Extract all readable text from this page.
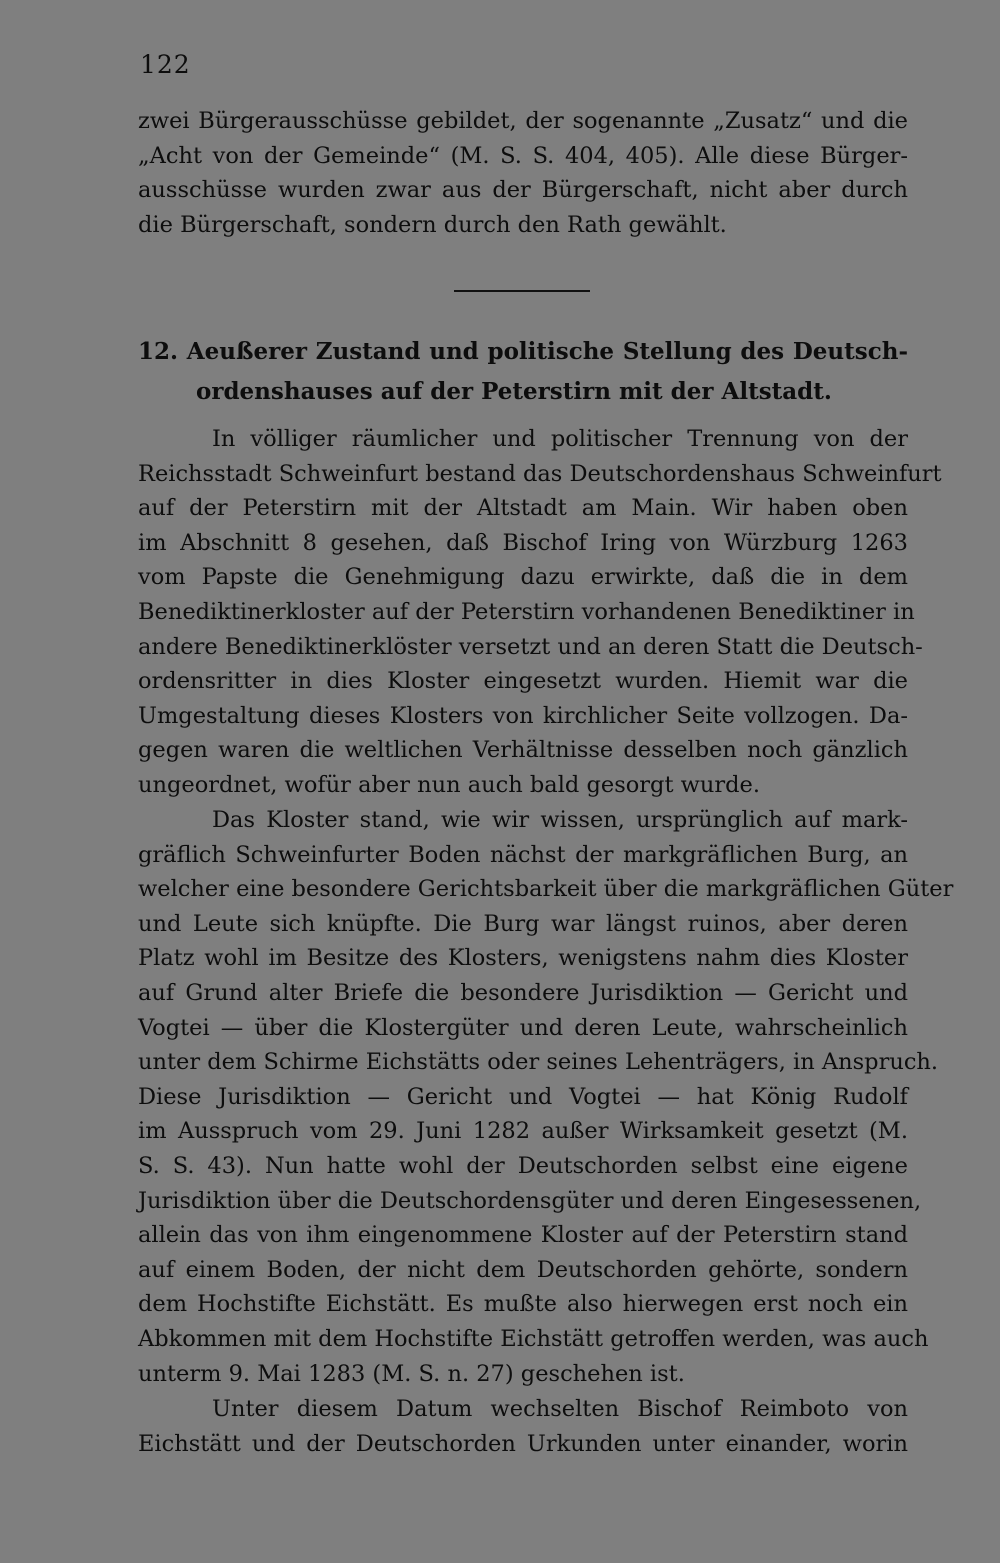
122
zwei Bürgerausschüsse gebildet, der sogenannte „Zusatz“ und die
„Acht von der Gemeinde“ (M. S. S. 404, 405). Alle diese Bürger-
ausschüsse wurden zwar aus der Bürgerschaft, nicht aber durch
die Bürgerschaft, sondern durch den Rath gewählt.
12. Aeußerer Zustand und politische Stellung des Deutsch-
ordenshauses auf der Peterstirn mit der Altstadt.
In völliger räumlicher und politischer Trennung von der
Reichsstadt Schweinfurt bestand das Deutschordenshaus Schweinfurt
auf der Peterstirn mit der Altstadt am Main. Wir haben oben
im Abschnitt 8 gesehen, daß Bischof Iring von Würzburg 1263
vom Papste die Genehmigung dazu erwirkte, daß die in dem
Benediktinerkloster auf der Peterstirn vorhandenen Benediktiner in
andere Benediktinerklöster versetzt und an deren Statt die Deutsch-
ordensritter in dies Kloster eingesetzt wurden. Hiemit war die
Umgestaltung dieses Klosters von kirchlicher Seite vollzogen. Da-
gegen waren die weltlichen Verhältnisse desselben noch gänzlich
ungeordnet, wofür aber nun auch bald gesorgt wurde.
Das Kloster stand, wie wir wissen, ursprünglich auf mark-
gräflich Schweinfurter Boden nächst der markgräflichen Burg, an
welcher eine besondere Gerichtsbarkeit über die markgräflichen Güter
und Leute sich knüpfte. Die Burg war längst ruinos, aber deren
Platz wohl im Besitze des Klosters, wenigstens nahm dies Kloster
auf Grund alter Briefe die besondere Jurisdiktion — Gericht und
Vogtei — über die Klostergüter und deren Leute, wahrscheinlich
unter dem Schirme Eichstätts oder seines Lehenträgers, in Anspruch.
Diese Jurisdiktion — Gericht und Vogtei — hat König Rudolf
im Ausspruch vom 29. Juni 1282 außer Wirksamkeit gesetzt (M.
S. S. 43). Nun hatte wohl der Deutschorden selbst eine eigene
Jurisdiktion über die Deutschordensgüter und deren Eingesessenen,
allein das von ihm eingenommene Kloster auf der Peterstirn stand
auf einem Boden, der nicht dem Deutschorden gehörte, sondern
dem Hochstifte Eichstätt. Es mußte also hierwegen erst noch ein
Abkommen mit dem Hochstifte Eichstätt getroffen werden, was auch
unterm 9. Mai 1283 (M. S. n. 27) geschehen ist.
Unter diesem Datum wechselten Bischof Reimboto von
Eichstätt und der Deutschorden Urkunden unter einander, worin
